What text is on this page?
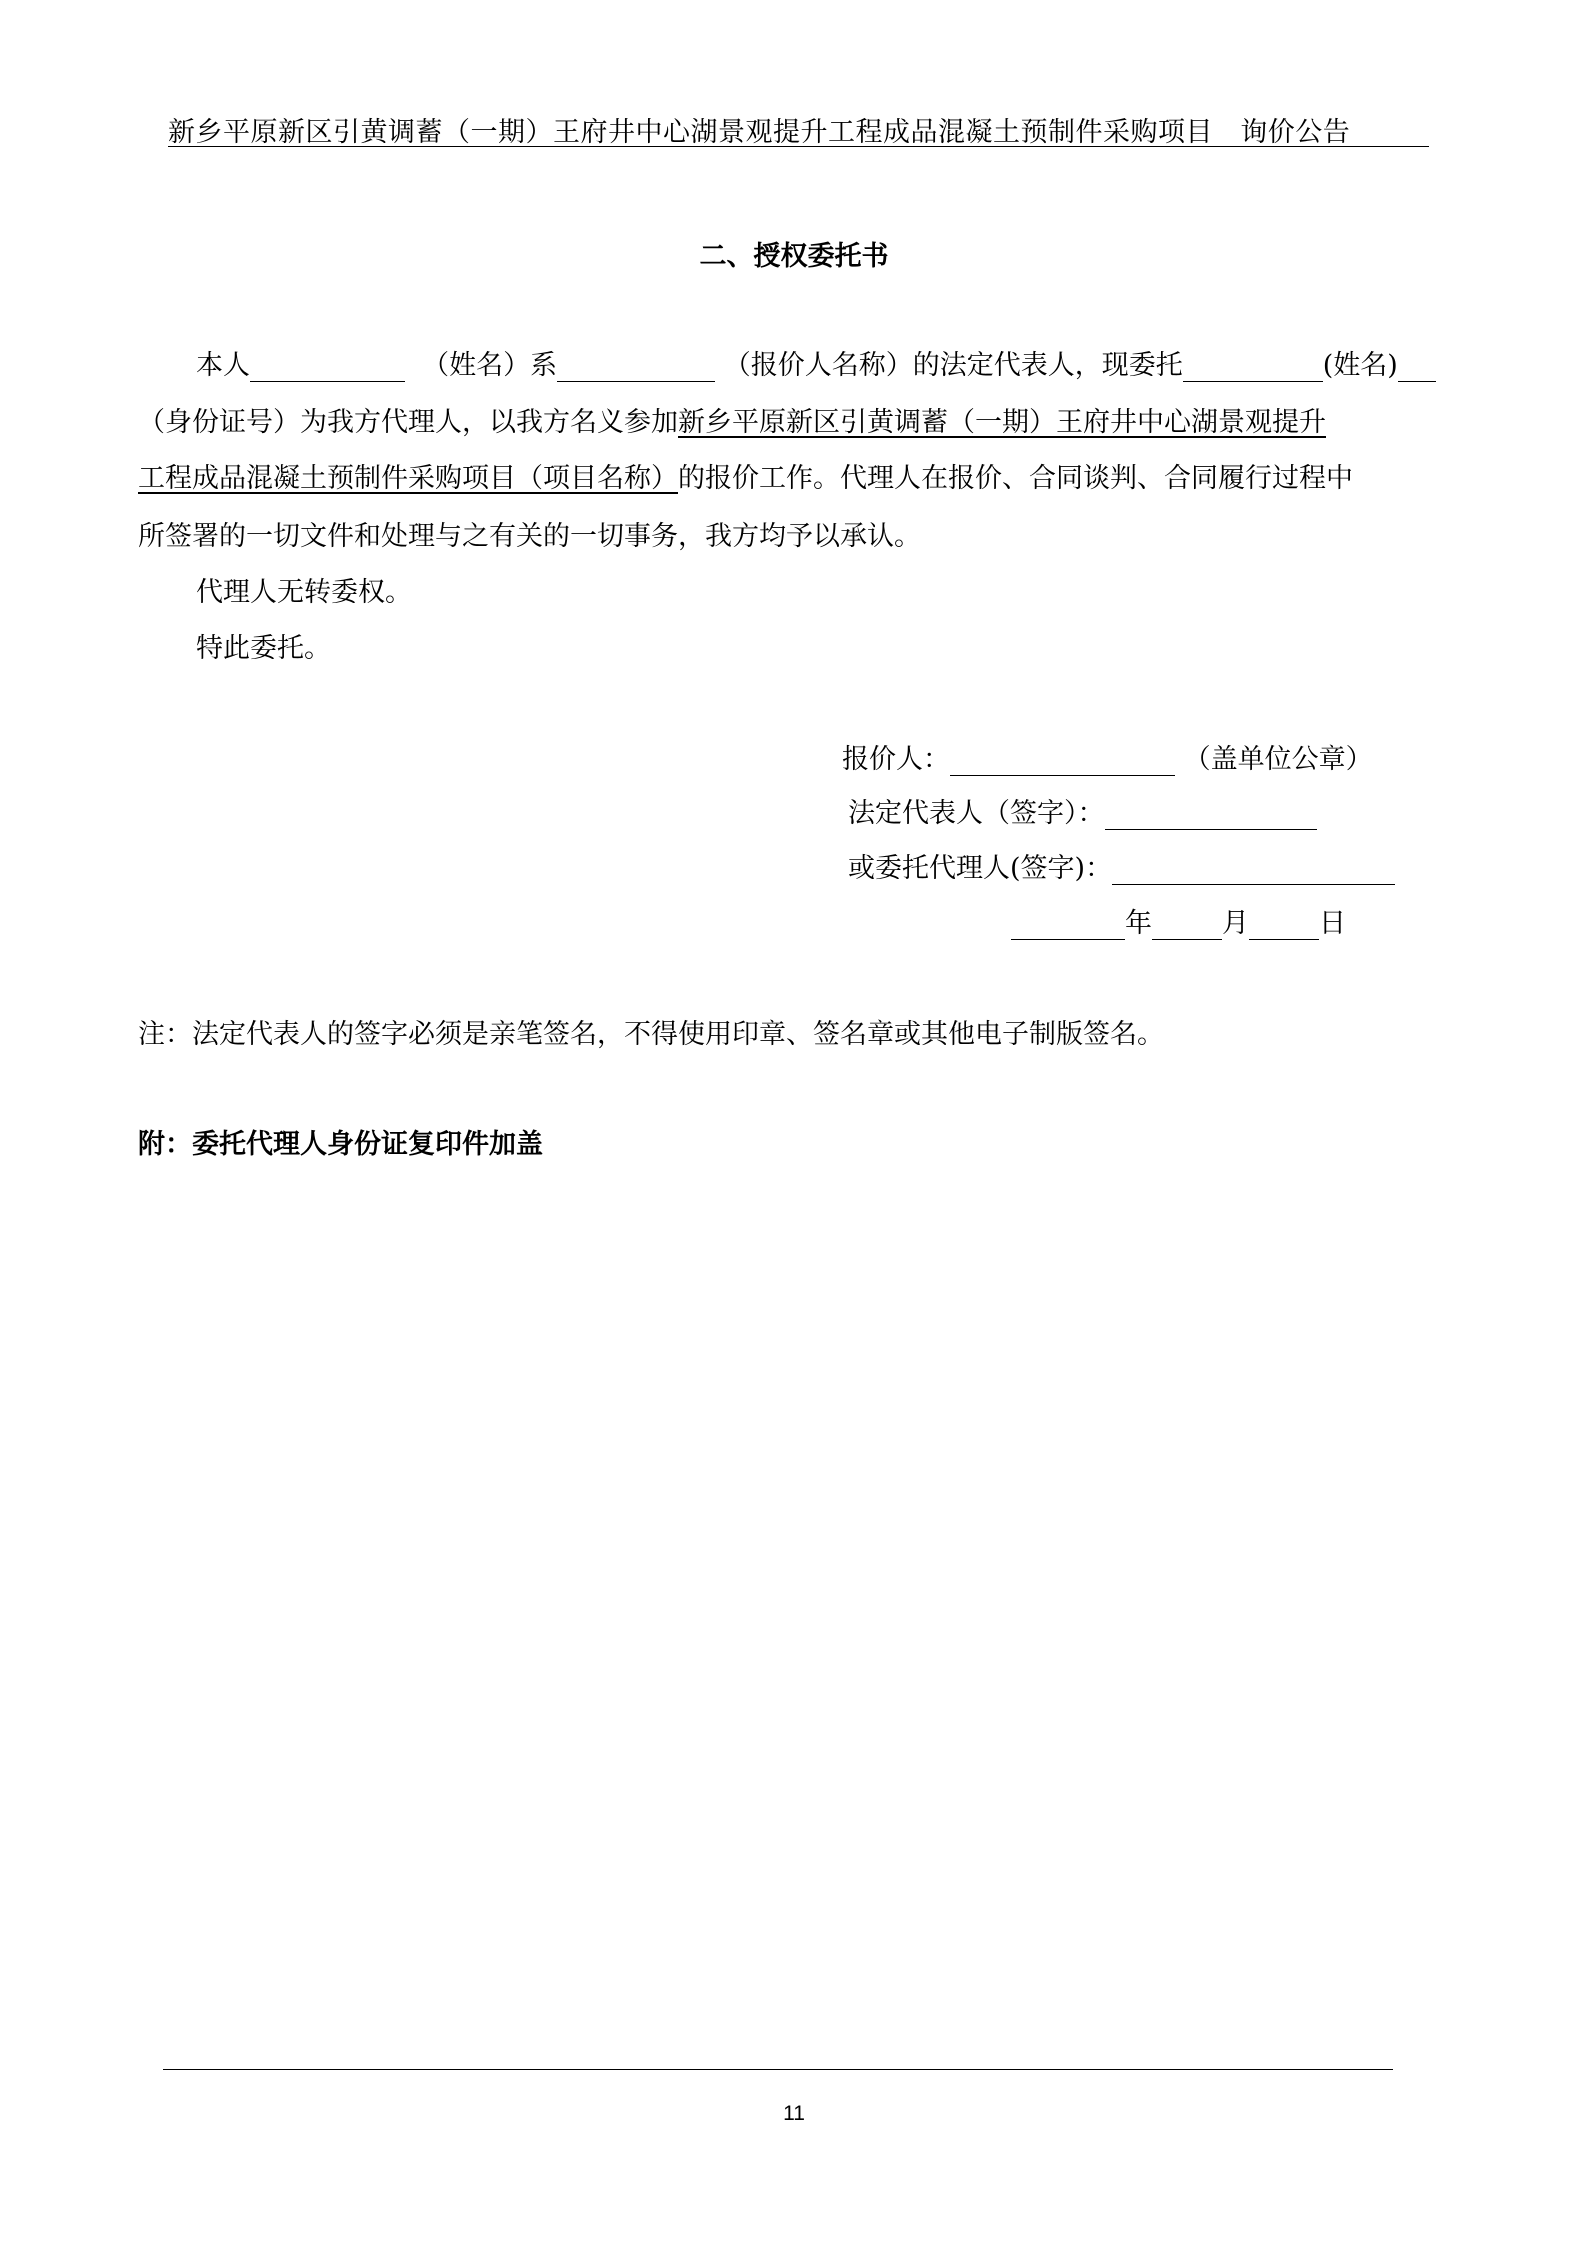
新乡平原新区引黄调蓄（一期）王府井中心湖景观提升工程成品混凝土预制件采购项目 询价公告
二、授权委托书
本人	（姓名）系	（报价人名称）的法定代表人，现委托	(姓名)
（身份证号）为我方代理人，以我方名义参加新乡平原新区引黄调蓄（一期）王府井中心湖景观提升
工程成品混凝土预制件采购项目（项目名称）的报价工作。代理人在报价、合同谈判、合同履行过程中
所签署的一切文件和处理与之有关的一切事务，我方均予以承认。
代理人无转委权。
特此委托。
报价人：	（盖单位公章）
法定代表人（签字）：
或委托代理人(签字)：
年	月	日
注：法定代表人的签字必须是亲笔签名，不得使用印章、签名章或其他电子制版签名。
附：委托代理人身份证复印件加盖
11
